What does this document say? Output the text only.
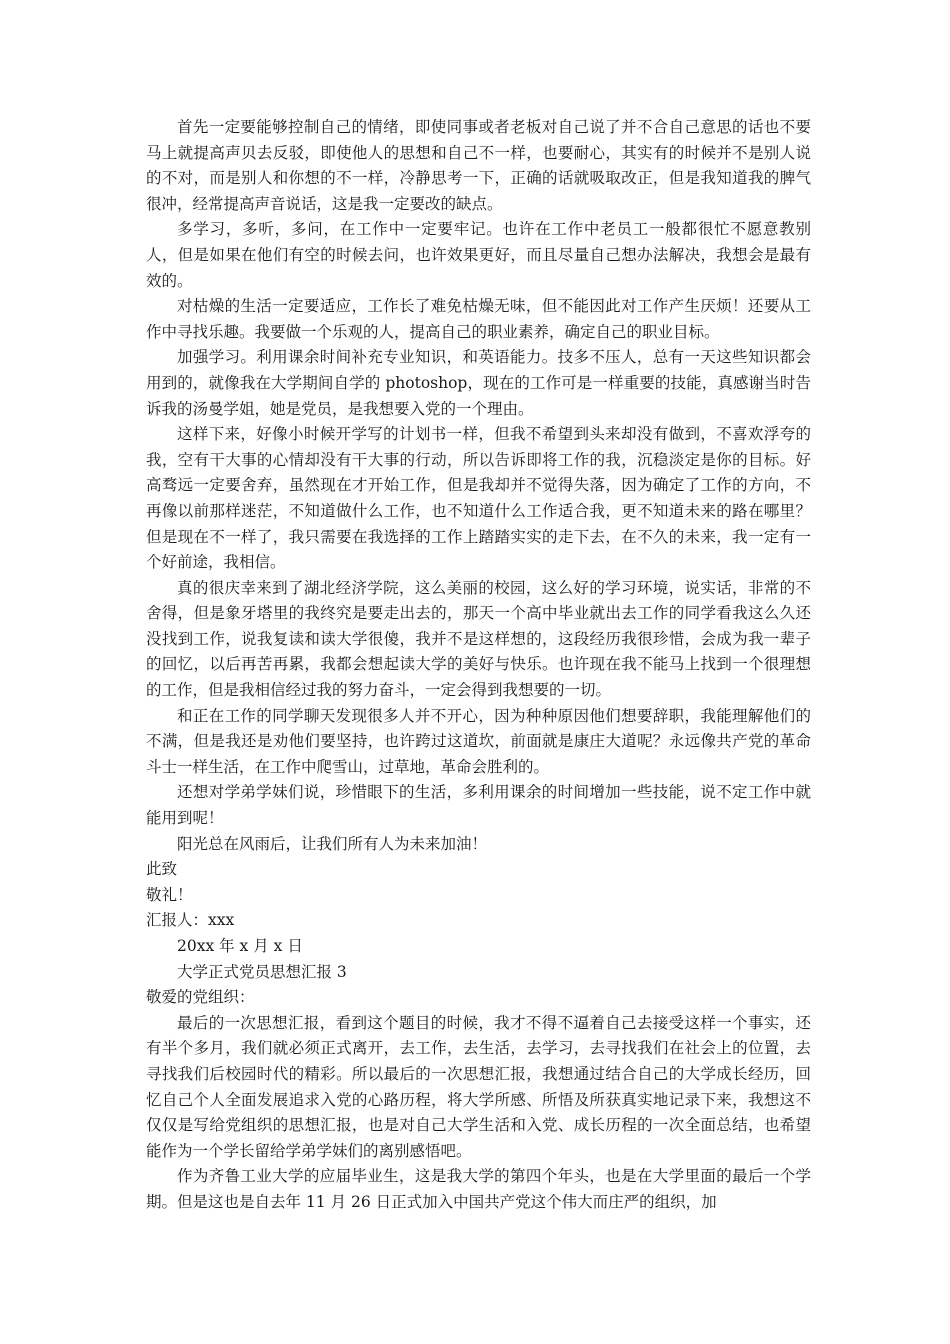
首先一定要能够控制自己的情绪，即使同事或者老板对自己说了并不合自己意思的话也不要马上就提高声贝去反驳，即使他人的思想和自己不一样，也要耐心，其实有的时候并不是别人说的不对，而是别人和你想的不一样，冷静思考一下，正确的话就吸取改正，但是我知道我的脾气很冲，经常提高声音说话，这是我一定要改的缺点。

多学习，多听，多问，在工作中一定要牢记。也许在工作中老员工一般都很忙不愿意教别人，但是如果在他们有空的时候去问，也许效果更好，而且尽量自己想办法解决，我想会是最有效的。

对枯燥的生活一定要适应，工作长了难免枯燥无味，但不能因此对工作产生厌烦！还要从工作中寻找乐趣。我要做一个乐观的人，提高自己的职业素养，确定自己的职业目标。

加强学习。利用课余时间补充专业知识，和英语能力。技多不压人，总有一天这些知识都会用到的，就像我在大学期间自学的 photoshop，现在的工作可是一样重要的技能，真感谢当时告诉我的汤曼学姐，她是党员，是我想要入党的一个理由。

这样下来，好像小时候开学写的计划书一样，但我不希望到头来却没有做到，不喜欢浮夸的我，空有干大事的心情却没有干大事的行动，所以告诉即将工作的我，沉稳淡定是你的目标。好高骛远一定要舍弃，虽然现在才开始工作，但是我却并不觉得失落，因为确定了工作的方向，不再像以前那样迷茫，不知道做什么工作，也不知道什么工作适合我，更不知道未来的路在哪里？但是现在不一样了，我只需要在我选择的工作上踏踏实实的走下去，在不久的未来，我一定有一个好前途，我相信。

真的很庆幸来到了湖北经济学院，这么美丽的校园，这么好的学习环境，说实话，非常的不舍得，但是象牙塔里的我终究是要走出去的，那天一个高中毕业就出去工作的同学看我这么久还没找到工作，说我复读和读大学很傻，我并不是这样想的，这段经历我很珍惜，会成为我一辈子的回忆，以后再苦再累，我都会想起读大学的美好与快乐。也许现在我不能马上找到一个很理想的工作，但是我相信经过我的努力奋斗，一定会得到我想要的一切。

和正在工作的同学聊天发现很多人并不开心，因为种种原因他们想要辞职，我能理解他们的不满，但是我还是劝他们要坚持，也许跨过这道坎，前面就是康庄大道呢？永远像共产党的革命斗士一样生活，在工作中爬雪山，过草地，革命会胜利的。

还想对学弟学妹们说，珍惜眼下的生活，多利用课余的时间增加一些技能，说不定工作中就能用到呢！

阳光总在风雨后，让我们所有人为未来加油！

此致

敬礼！

汇报人：xxx

20xx 年 x 月 x 日

大学正式党员思想汇报 3

敬爱的党组织：

最后的一次思想汇报，看到这个题目的时候，我才不得不逼着自己去接受这样一个事实，还有半个多月，我们就必须正式离开，去工作，去生活，去学习，去寻找我们在社会上的位置，去寻找我们后校园时代的精彩。所以最后的一次思想汇报，我想通过结合自己的大学成长经历，回忆自己个人全面发展追求入党的心路历程，将大学所感、所悟及所获真实地记录下来，我想这不仅仅是写给党组织的思想汇报，也是对自己大学生活和入党、成长历程的一次全面总结，也希望能作为一个学长留给学弟学妹们的离别感悟吧。

作为齐鲁工业大学的应届毕业生，这是我大学的第四个年头，也是在大学里面的最后一个学期。但是这也是自去年 11 月 26 日正式加入中国共产党这个伟大而庄严的组织，加
